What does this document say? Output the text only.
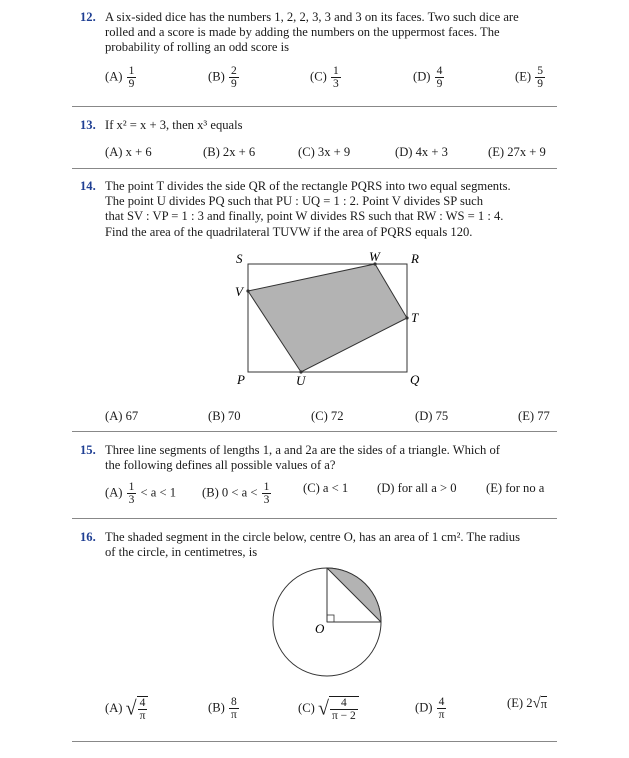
12. A six-sided dice has the numbers 1, 2, 2, 3, 3 and 3 on its faces. Two such dice are
rolled and a score is made by adding the numbers on the uppermost faces. The
probability of rolling an odd score is
$(A) \frac{1}{9}$	$(B) \frac{2}{9}$	$(C) \frac{1}{3}$	$(D) \frac{4}{9}$	$(E) \frac{5}{9}$
13. If x² = x + 3, then x³ equals
(A) x + 6	(B) 2x + 6	(C) 3x + 9	(D) 4x + 3	(E) 27x + 9
14. The point T divides the side QR of the rectangle PQRS into two equal segments.
The point U divides PQ such that PU : UQ = 1 : 2. Point V divides SP such
that SV : VP = 1 : 3 and finally, point W divides RS such that RW : WS = 1 : 4.
Find the area of the quadrilateral TUVW if the area of PQRS equals 120.
S	W R
V
T
P	U	Q
O
(A) 67	(B) 70	(C) 72	(D) 75	(E) 77
15. Three line segments of lengths 1, a and 2a are the sides of a triangle. Which of
the following defines all possible values of a?
$(A) \frac{1}{3} < a < 1$ (B) $0 < a < \frac{1}{3}$	(C) a < 1 (D) for all a > 0 (E) for no a
16. The shaded segment in the circle below, centre O, has an area of 1 cm². The radius
of the circle, in centimetres, is
(A) √ $\frac{4}{\pi}$	$(B) \frac{8}{\pi}$	(C) √ $\frac{4}{\pi - 2}$	$(D) \frac{4}{\pi}$	(E) 2√π
